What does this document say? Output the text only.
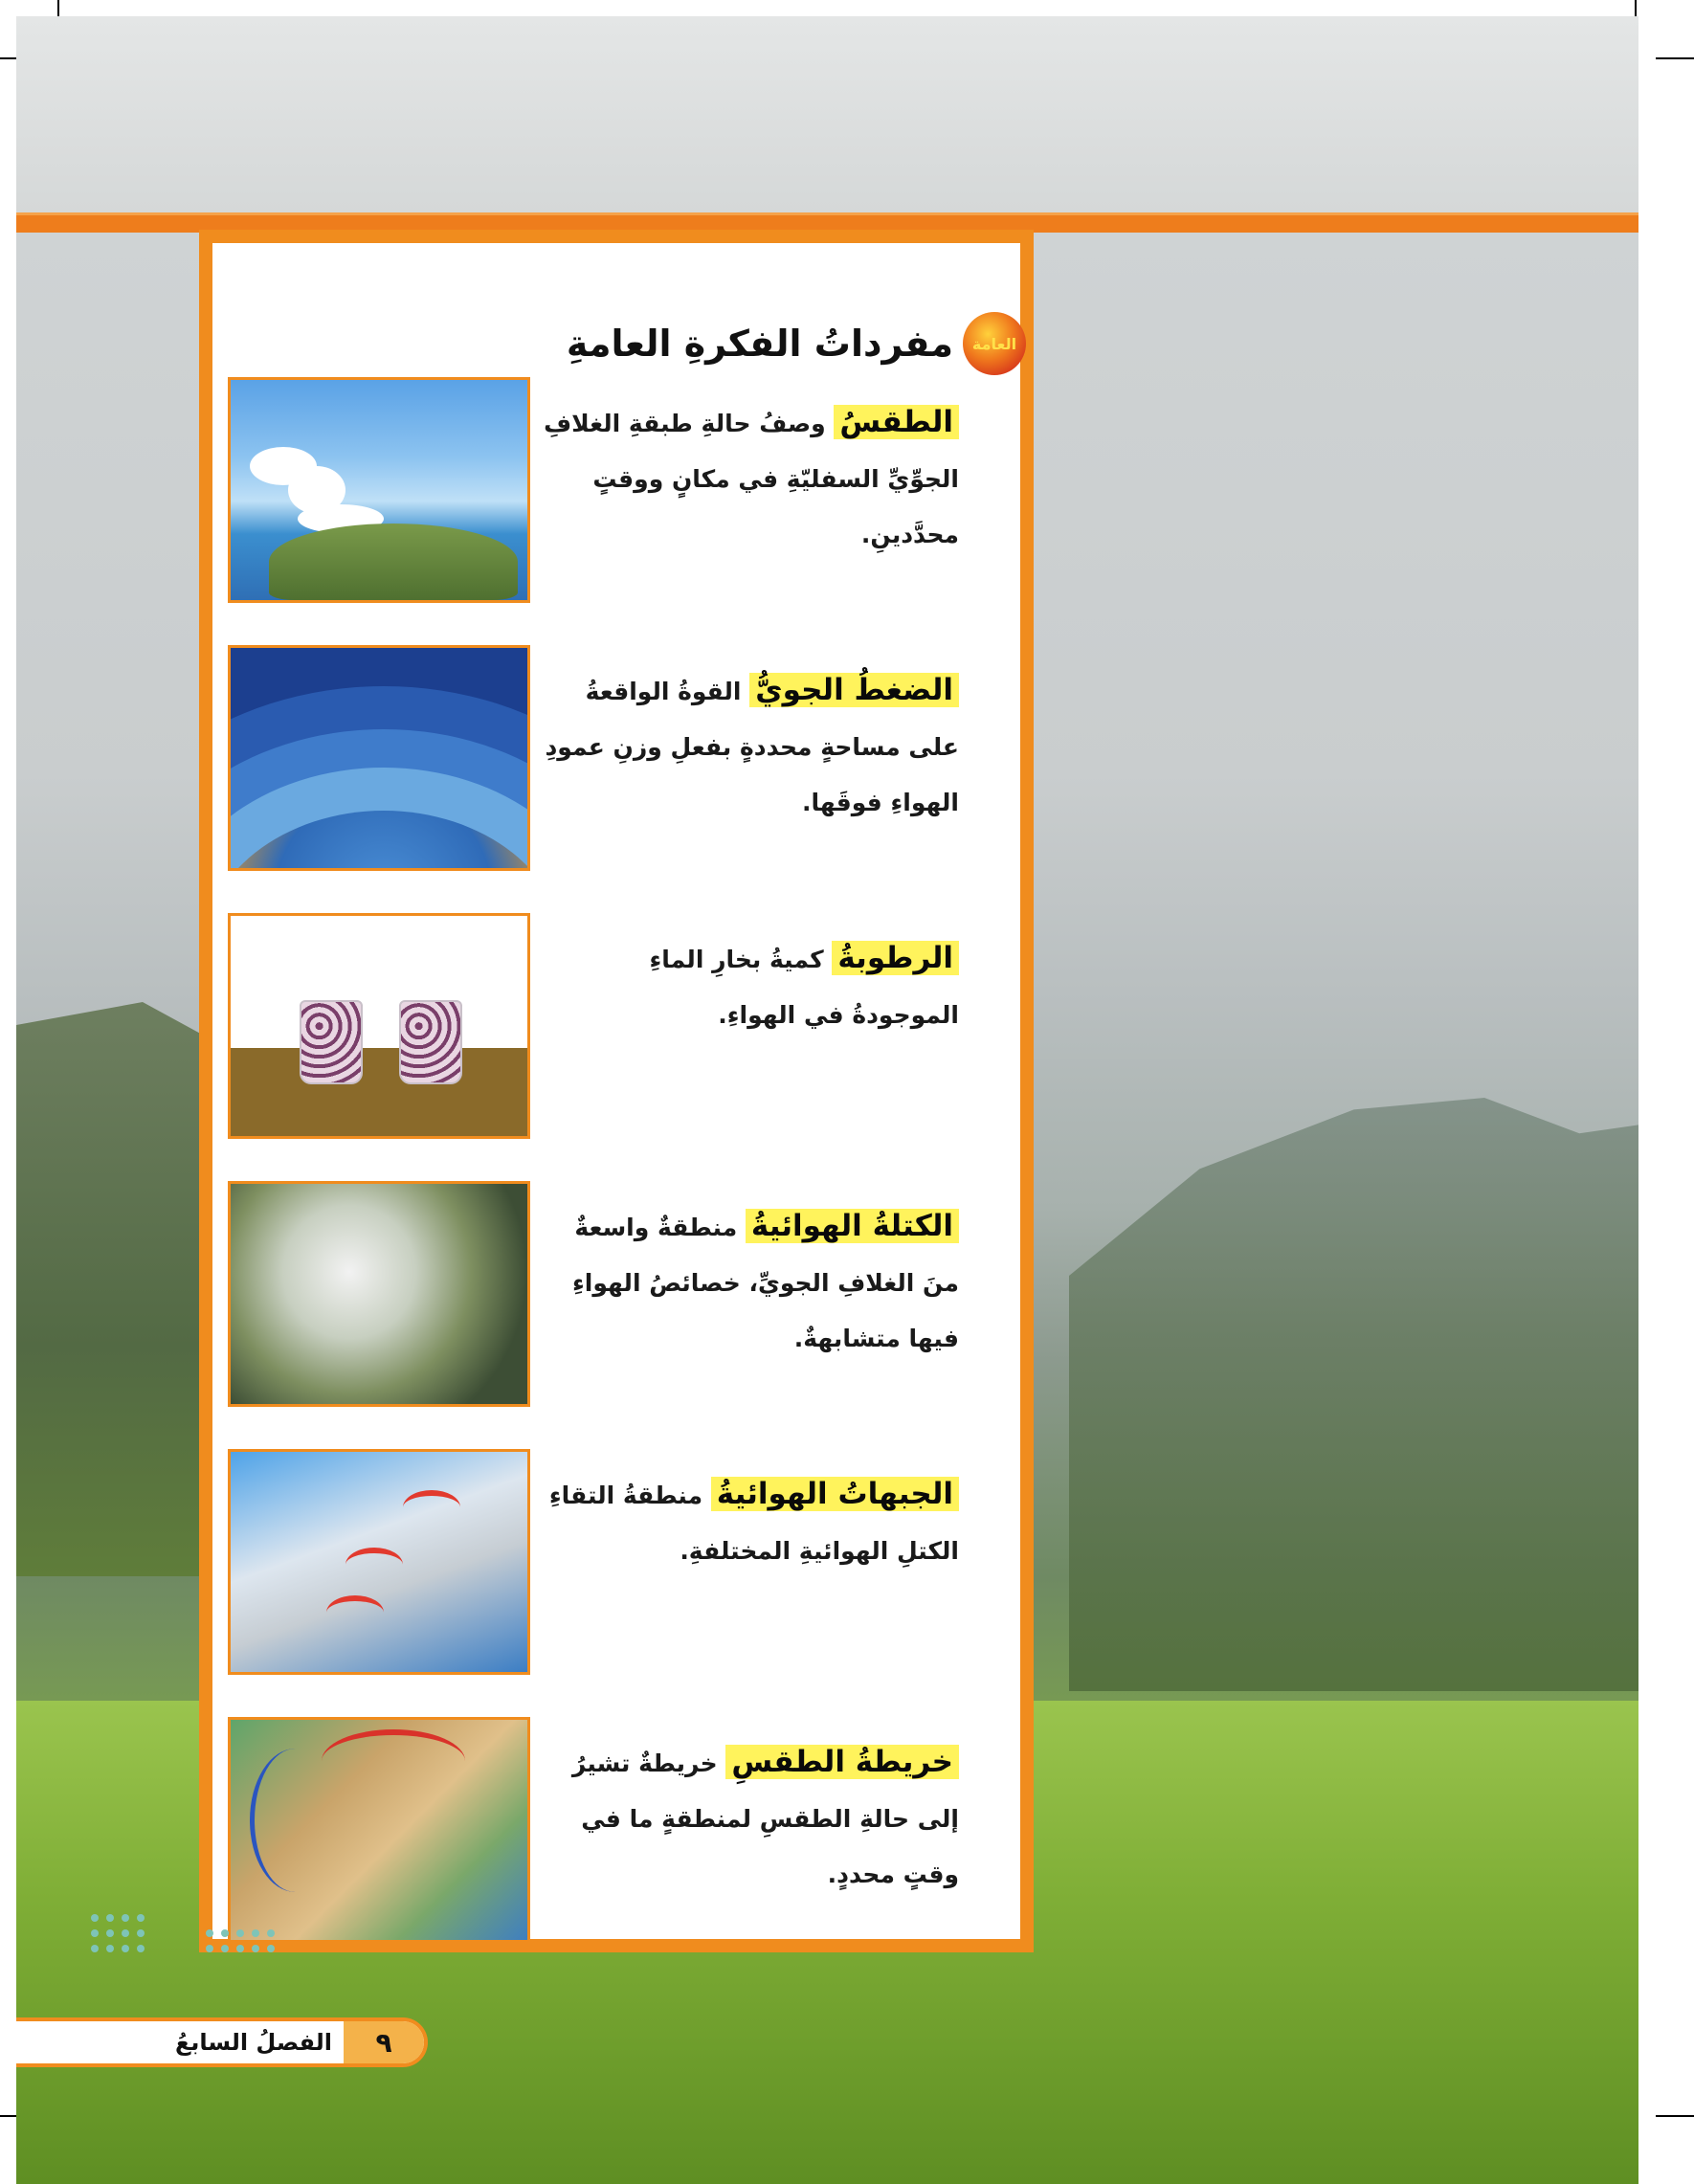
العامة
مفرداتُ الفكرةِ العامةِ
الطقسُ وصفُ حالةِ طبقةِ الغلافِ الجوِّيِّ السفليّةِ في مكانٍ ووقتٍ محدَّدينِ.
الضغطُ الجويُّ القوةُ الواقعةُ على مساحةٍ محددةٍ بفعلِ وزنِ عمودِ الهواءِ فوقَها.
الرطوبةُ كميةُ بخارِ الماءِ الموجودةُ في الهواءِ.
الكتلةُ الهوائيةُ منطقةٌ واسعةٌ منَ الغلافِ الجويِّ، خصائصُ الهواءِ فيها متشابهةٌ.
الجبهاتُ الهوائيةُ منطقةُ التقاءِ الكتلِ الهوائيةِ المختلفةِ.
خريطةُ الطقسِ خريطةٌ تشيرُ إلى حالةِ الطقسِ لمنطقةٍ ما في وقتٍ محددٍ.
٩
الفصلُ السابعُ
